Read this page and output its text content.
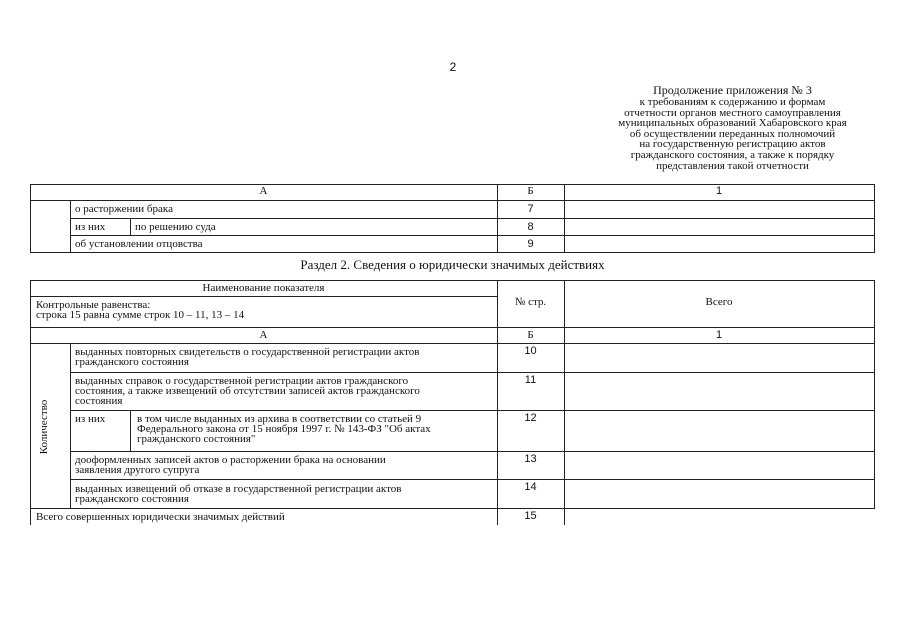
2
Продолжение приложения № 3
к требованиям к содержанию и формам
отчетности органов местного самоуправления
муниципальных образований Хабаровского края
об осуществлении переданных полномочий
на государственную регистрацию актов
гражданского состояния, а также к порядку
представления такой отчетности
А	Б	1
о расторжении брака	7
из них	по решению суда	8
об установлении отцовства	9
Раздел 2. Сведения о юридически значимых действиях
Наименование показателя
Контрольные равенства:
строка 15 равна сумме строк 10 – 11, 13 – 14
№ стр.	Всего
А	Б	1
Количество
выданных повторных свидетельств о государственной регистрации актов
гражданского состояния
10
выданных справок о государственной регистрации актов гражданского
состояния, а также извещений об отсутствии записей актов гражданского
состояния
11
из них	в том числе выданных из архива в соответствии со статьей 9
Федерального закона от 15 ноября 1997 г. № 143-ФЗ "Об актах
гражданского состояния"
12
дооформленных записей актов о расторжении брака на основании
заявления другого супруга
13
выданных извещений об отказе в государственной регистрации актов
гражданского состояния
14
Всего совершенных юридически значимых действий	15
